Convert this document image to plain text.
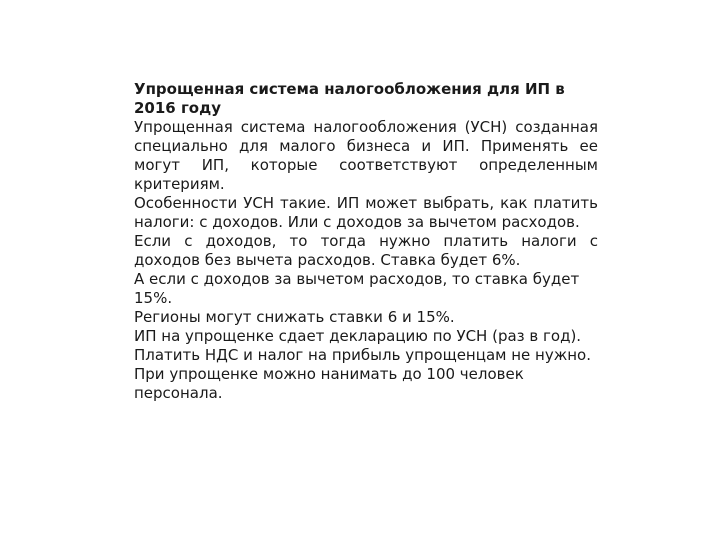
Упрощенная система налогообложения для ИП в 2016 году

Упрощенная система налогообложения (УСН) созданная специально для малого бизнеса и ИП. Применять ее могут ИП, которые соответствуют определенным критериям.

Особенности УСН такие. ИП может выбрать, как платить налоги: с доходов. Или с доходов за вычетом расходов.

Если с доходов, то тогда нужно платить налоги с доходов без вычета расходов. Ставка будет 6%.

А если с доходов за вычетом расходов, то ставка будет 15%.

Регионы могут снижать ставки 6 и 15%.

ИП на упрощенке сдает декларацию по УСН (раз в год).

Платить НДС и налог на прибыль упрощенцам не нужно.

При упрощенке можно нанимать до 100 человек персонала.
